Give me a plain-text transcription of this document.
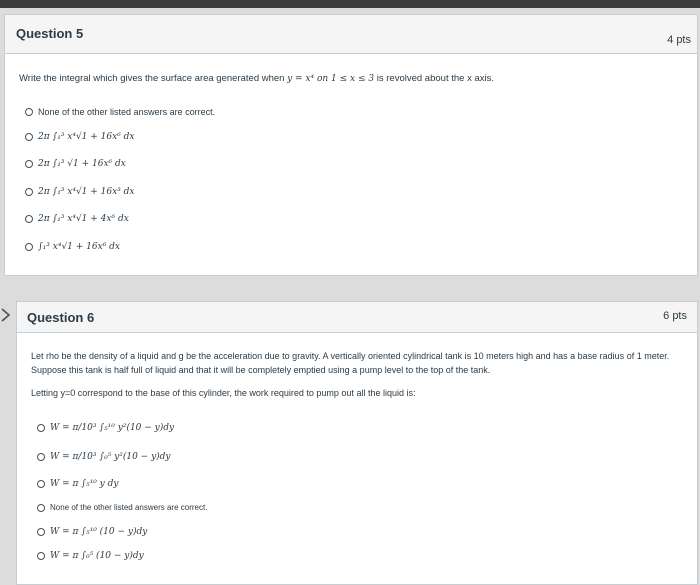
Question 5	4 pts
Write the integral which gives the surface area generated when y = x⁴ on 1 ≤ x ≤ 3 is revolved about the x axis.
None of the other listed answers are correct.
2π ∫₁³ x⁴√1 + 16x⁶ dx
2π ∫₁³ √1 + 16x⁶ dx
2π ∫₁³ x⁴√1 + 16x³ dx
2π ∫₁³ x⁴√1 + 4x⁶ dx
∫₁³ x⁴√1 + 16x⁶ dx
Question 6	6 pts
Let rho be the density of a liquid and g be the acceleration due to gravity. A vertically oriented cylindrical tank is 10 meters high and has a base radius of 1 meter. Suppose this tank is half full of liquid and that it will be completely emptied using a pump level to the top of the tank.
Letting y=0 correspond to the base of this cylinder, the work required to pump out all the liquid is:
W = π/10³ ∫₅¹⁰ y²(10 − y)dy
W = π/10³ ∫₀⁵ y²(10 − y)dy
W = π ∫₅¹⁰ y dy
None of the other listed answers are correct.
W = π ∫₅¹⁰ (10 − y)dy
W = π ∫₀⁵ (10 − y)dy
